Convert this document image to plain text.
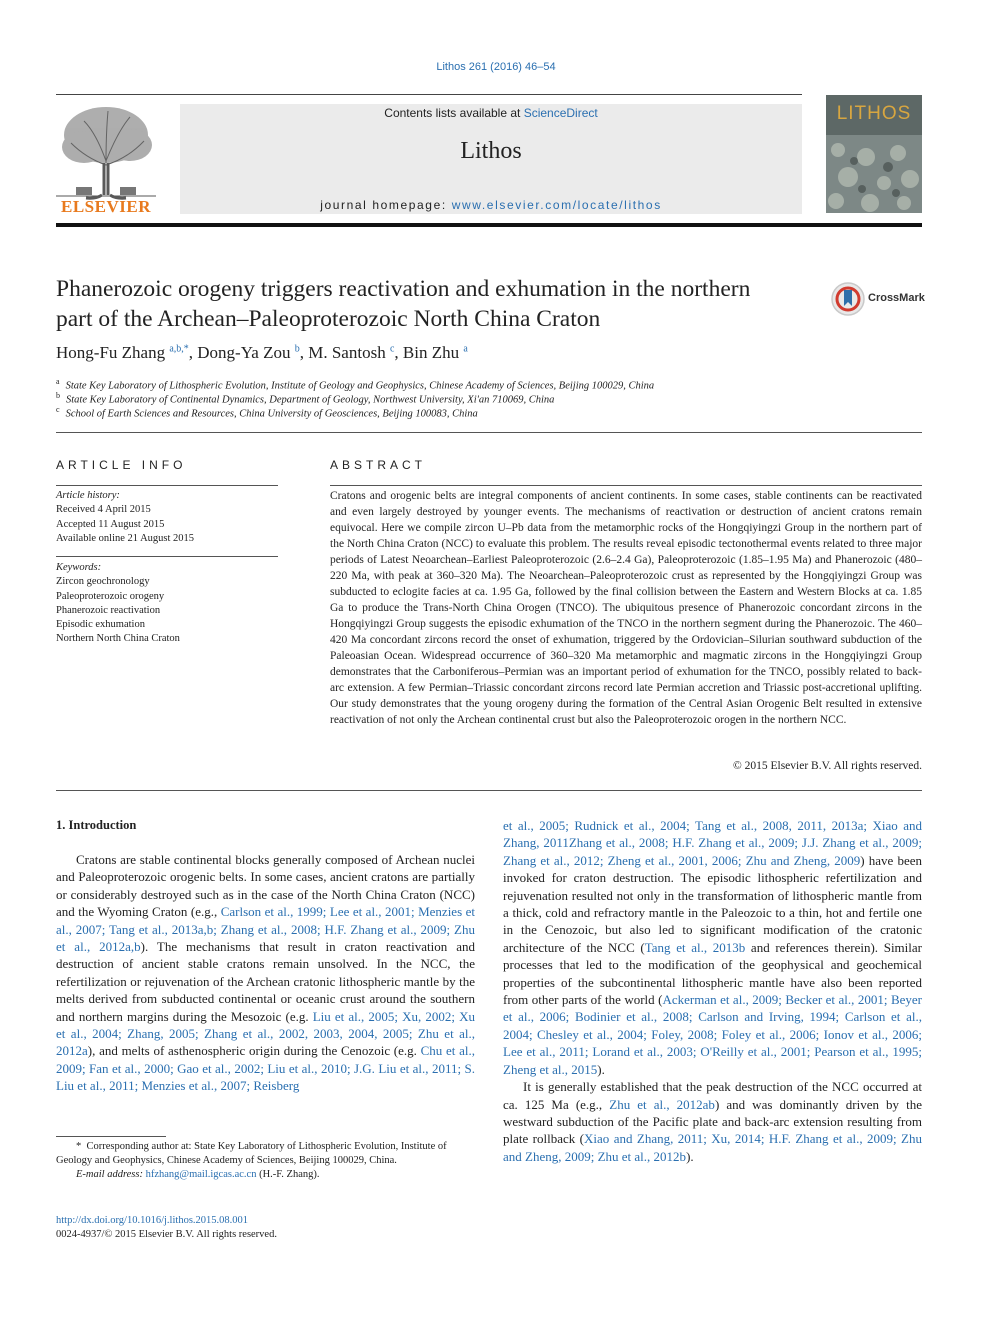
Lithos 261 (2016) 46–54
ELSEVIER
Contents lists available at ScienceDirect
Lithos
journal homepage: www.elsevier.com/locate/lithos
LITHOS
Phanerozoic orogeny triggers reactivation and exhumation in the northern part of the Archean–Paleoproterozoic North China Craton
CrossMark
Hong-Fu Zhang $^{a,b,*}$, Dong-Ya Zou $^b$, M. Santosh $^c$, Bin Zhu $^a$
$^a$ State Key Laboratory of Lithospheric Evolution, Institute of Geology and Geophysics, Chinese Academy of Sciences, Beijing 100029, China
$^b$ State Key Laboratory of Continental Dynamics, Department of Geology, Northwest University, Xi'an 710069, China
$^c$ School of Earth Sciences and Resources, China University of Geosciences, Beijing 100083, China
ARTICLE INFO
Article history:
Received 4 April 2015
Accepted 11 August 2015
Available online 21 August 2015
Keywords:
Zircon geochronology
Paleoproterozoic orogeny
Phanerozoic reactivation
Episodic exhumation
Northern North China Craton
ABSTRACT
Cratons and orogenic belts are integral components of ancient continents. In some cases, stable continents can be reactivated and even largely destroyed by younger events. The mechanisms of reactivation or destruction of ancient cratons remain equivocal. Here we compile zircon U–Pb data from the metamorphic rocks of the Hongqiyingzi Group in the northern part of the North China Craton (NCC) to evaluate this problem. The results reveal episodic tectonothermal events related to three major periods of Latest Neoarchean–Earliest Paleoproterozoic (2.6–2.4 Ga), Paleoproterozoic (1.85–1.95 Ma) and Phanerozoic (480–220 Ma, with peak at 360–320 Ma). The Neoarchean–Paleoproterozoic crust as represented by the Hongqiyingzi Group was subducted to eclogite facies at ca. 1.95 Ga, followed by the final collision between the Eastern and Western Blocks at ca. 1.85 Ga to produce the Trans-North China Orogen (TNCO). The ubiquitous presence of Phanerozoic concordant zircons in the Hongqiyingzi Group suggests the episodic exhumation of the TNCO in the northern segment during the Phanerozoic. The 460–420 Ma concordant zircons record the onset of exhumation, triggered by the Ordovician–Silurian southward subduction of the Paleoasian Ocean. Widespread occurrence of 360–320 Ma metamorphic and magmatic zircons in the Hongqiyingzi Group demonstrates that the Carboniferous–Permian was an important period of exhumation for the TNCO, possibly related to back-arc extension. A few Permian–Triassic concordant zircons record late Permian accretion and Triassic post-accretional uplifting. Our study demonstrates that the young orogeny during the formation of the Central Asian Orogenic Belt resulted in extensive reactivation of not only the Archean continental crust but also the Paleoproterozoic orogen in the northern NCC.
© 2015 Elsevier B.V. All rights reserved.
1. Introduction

Cratons are stable continental blocks generally composed of Archean nuclei and Paleoproterozoic orogenic belts. In some cases, ancient cratons are partially or considerably destroyed such as in the case of the North China Craton (NCC) and the Wyoming Craton (e.g., Carlson et al., 1999; Lee et al., 2001; Menzies et al., 2007; Tang et al., 2013a,b; Zhang et al., 2008; H.F. Zhang et al., 2009; Zhu et al., 2012a,b). The mechanisms that result in craton reactivation and destruction of ancient stable cratons remain unsolved. In the NCC, the refertilization or rejuvenation of the Archean cratonic lithospheric mantle by the melts derived from subducted continental or oceanic crust around the southern and northern margins during the Mesozoic (e.g. Liu et al., 2005; Xu, 2002; Xu et al., 2004; Zhang, 2005; Zhang et al., 2002, 2003, 2004, 2005; Zhu et al., 2012a), and melts of asthenospheric origin during the Cenozoic (e.g. Chu et al., 2009; Fan et al., 2000; Gao et al., 2002; Liu et al., 2010; J.G. Liu et al., 2011; S. Liu et al., 2011; Menzies et al., 2007; Reisberg

et al., 2005; Rudnick et al., 2004; Tang et al., 2008, 2011, 2013a; Xiao and Zhang, 2011Zhang et al., 2008; H.F. Zhang et al., 2009; J.J. Zhang et al., 2009; Zhang et al., 2012; Zheng et al., 2001, 2006; Zhu and Zheng, 2009) have been invoked for craton destruction. The episodic lithospheric refertilization and rejuvenation resulted not only in the transformation of lithospheric mantle from a thick, cold and refractory mantle in the Paleozoic to a thin, hot and fertile one in the Cenozoic, but also led to significant modification of the cratonic architecture of the NCC (Tang et al., 2013b and references therein). Similar processes that led to the modification of the geophysical and geochemical properties of the subcontinental lithospheric mantle have also been reported from other parts of the world (Ackerman et al., 2009; Becker et al., 2001; Beyer et al., 2006; Bodinier et al., 2008; Carlson and Irving, 1994; Carlson et al., 2004; Chesley et al., 2004; Foley, 2008; Foley et al., 2006; Ionov et al., 2006; Lee et al., 2011; Lorand et al., 2003; O'Reilly et al., 2001; Pearson et al., 1995; Zheng et al., 2015).

It is generally established that the peak destruction of the NCC occurred at ca. 125 Ma (e.g., Zhu et al., 2012ab) and was dominantly driven by the westward subduction of the Pacific plate and back-arc extension resulting from plate rollback (Xiao and Zhang, 2011; Xu, 2014; H.F. Zhang et al., 2009; Zhu and Zheng, 2009; Zhu et al., 2012b).

* Corresponding author at: State Key Laboratory of Lithospheric Evolution, Institute of Geology and Geophysics, Chinese Academy of Sciences, Beijing 100029, China.
E-mail address: hfzhang@mail.igcas.ac.cn (H.-F. Zhang).
http://dx.doi.org/10.1016/j.lithos.2015.08.001
0024-4937/© 2015 Elsevier B.V. All rights reserved.
